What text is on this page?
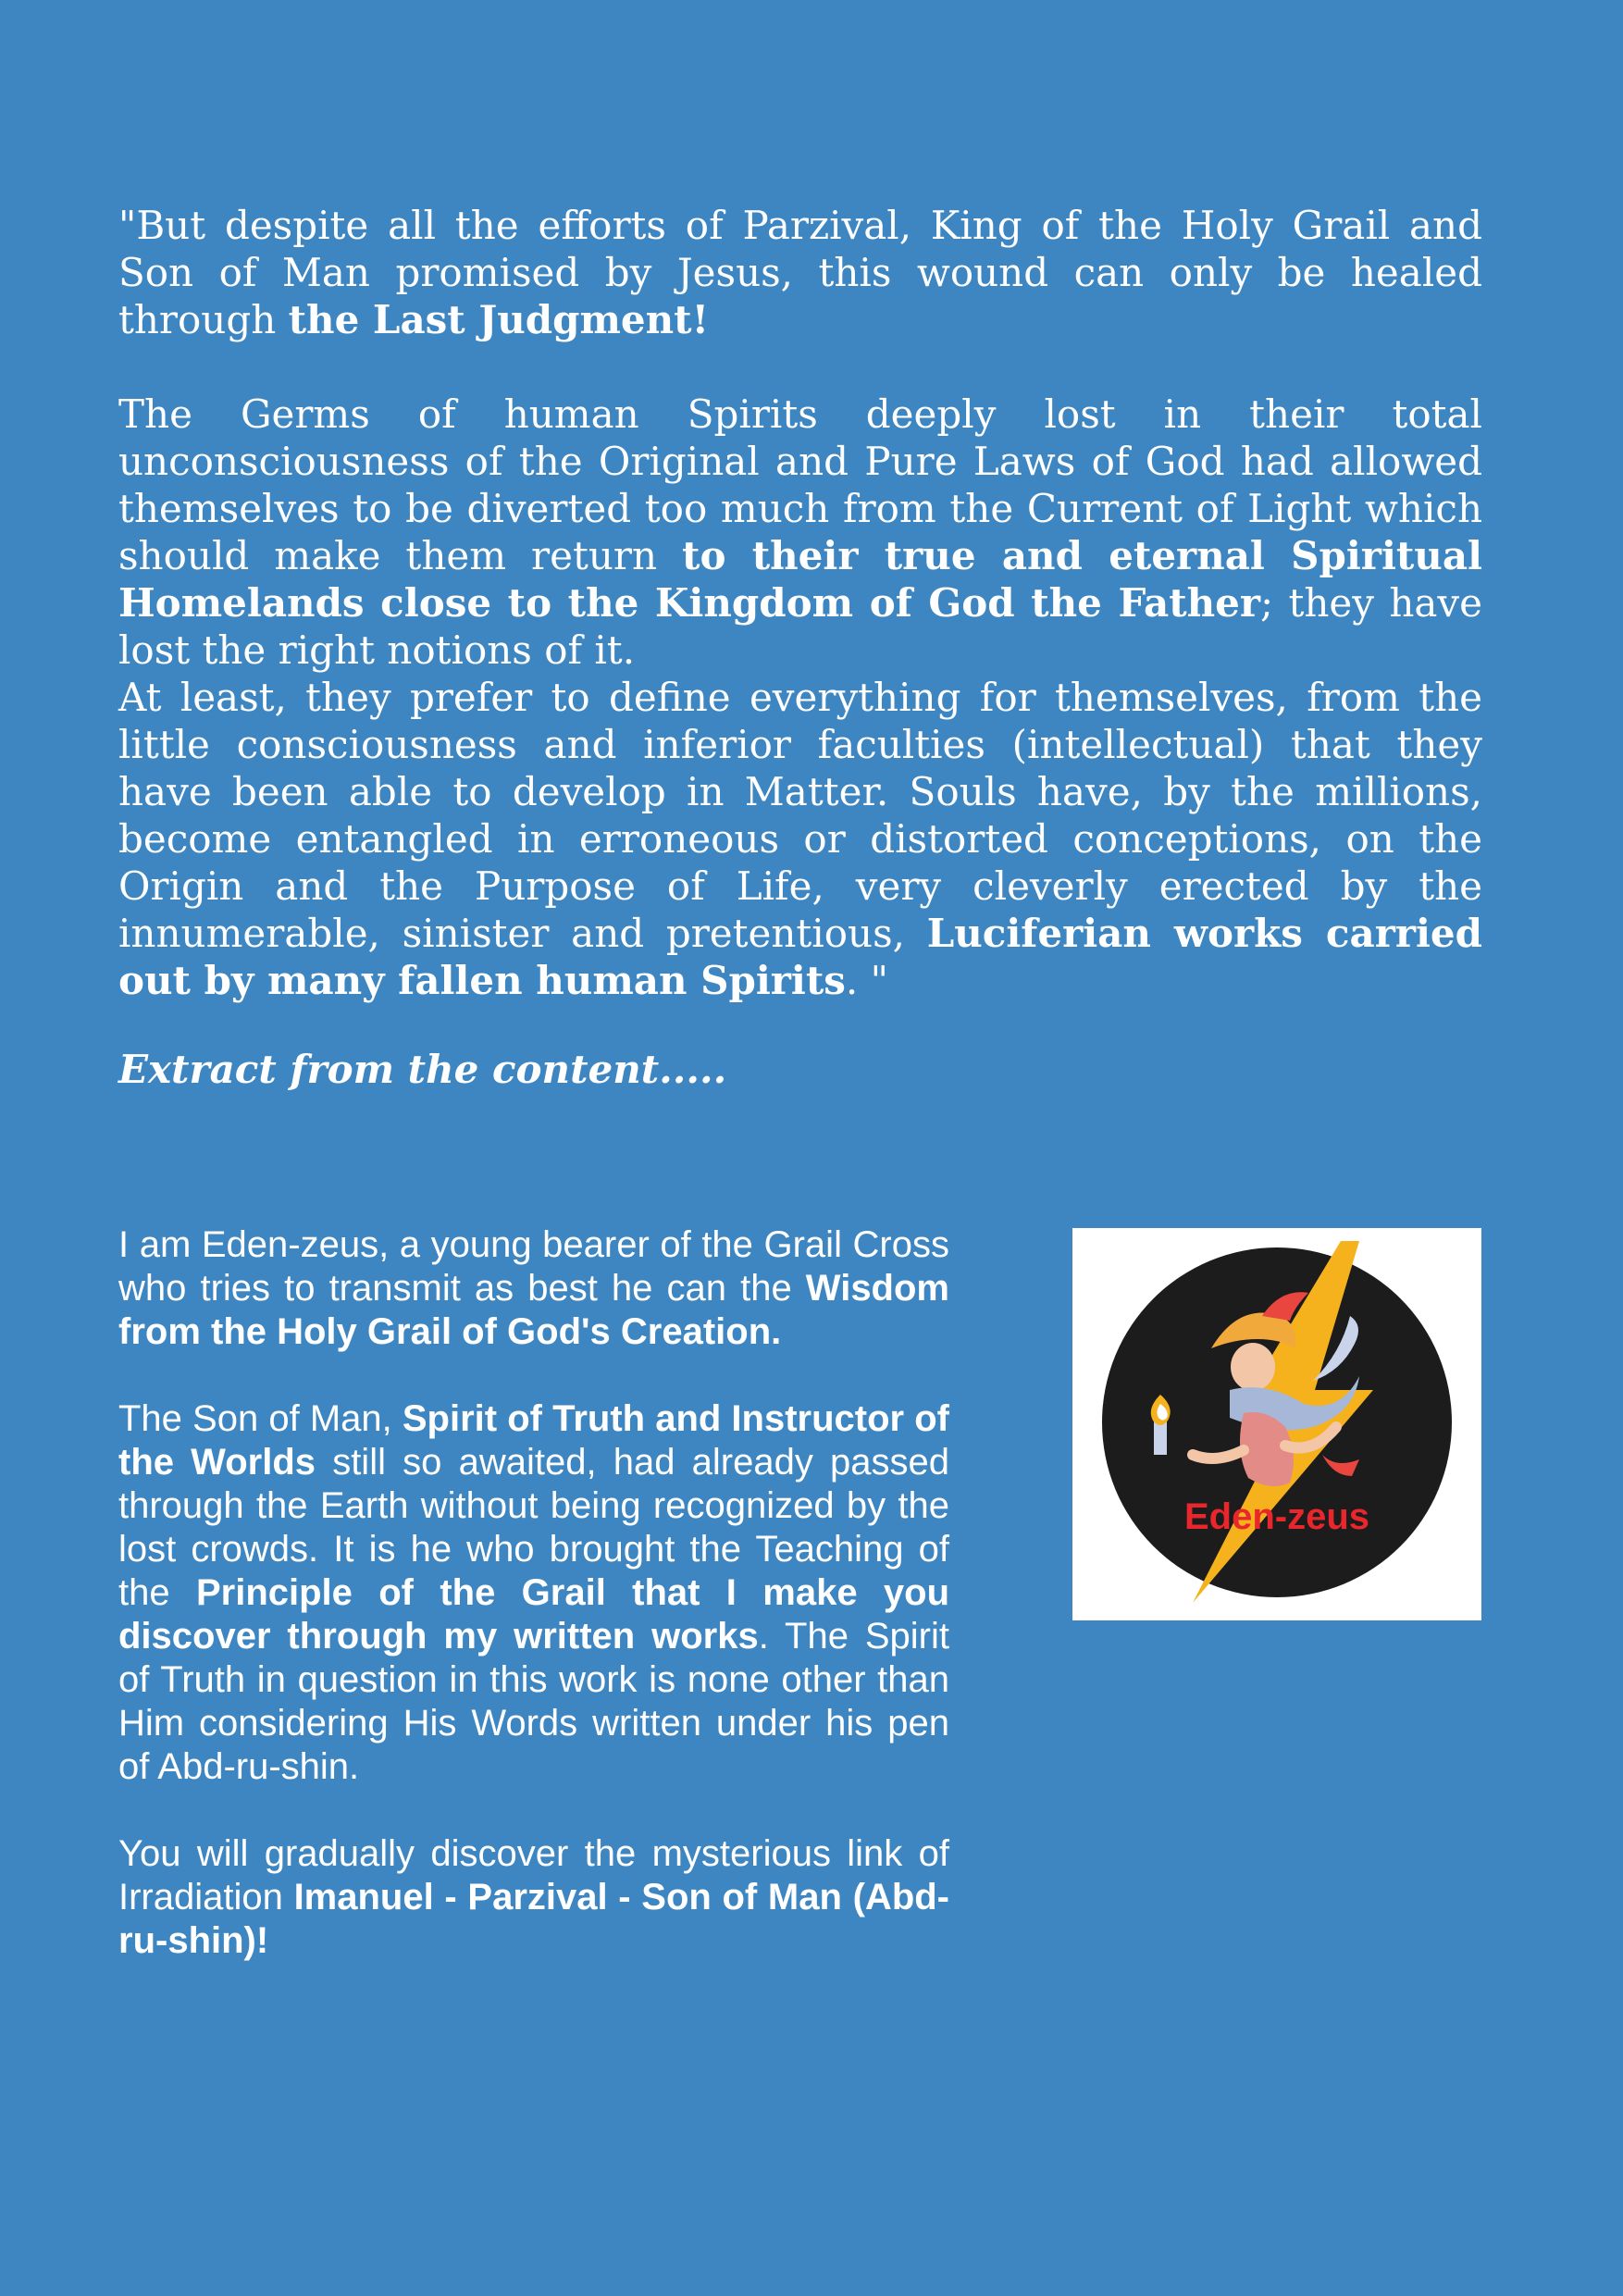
"But despite all the efforts of Parzival, King of the Holy Grail and Son of Man promised by Jesus, this wound can only be healed through the Last Judgment!

The Germs of human Spirits deeply lost in their total unconsciousness of the Original and Pure Laws of God had allowed themselves to be diverted too much from the Current of Light which should make them return to their true and eternal Spiritual Homelands close to the Kingdom of God the Father; they have lost the right notions of it.

At least, they prefer to define everything for themselves, from the little consciousness and inferior faculties (intellectual) that they have been able to develop in Matter. Souls have, by the millions, become entangled in erroneous or distorted conceptions, on the Origin and the Purpose of Life, very cleverly erected by the innumerable, sinister and pretentious, Luciferian works carried out by many fallen human Spirits. "

Extract from the content.....

I am Eden-zeus, a young bearer of the Grail Cross who tries to transmit as best he can the Wisdom from the Holy Grail of God's Creation.

The Son of Man, Spirit of Truth and Instructor of the Worlds still so awaited, had already passed through the Earth without being recognized by the lost crowds. It is he who brought the Teaching of the Principle of the Grail that I make you discover through my written works. The Spirit of Truth in question in this work is none other than Him considering His Words written under his pen of Abd-ru-shin.

You will gradually discover the mysterious link of Irradiation Imanuel - Parzival - Son of Man (Abd-ru-shin)!

Eden-zeus
